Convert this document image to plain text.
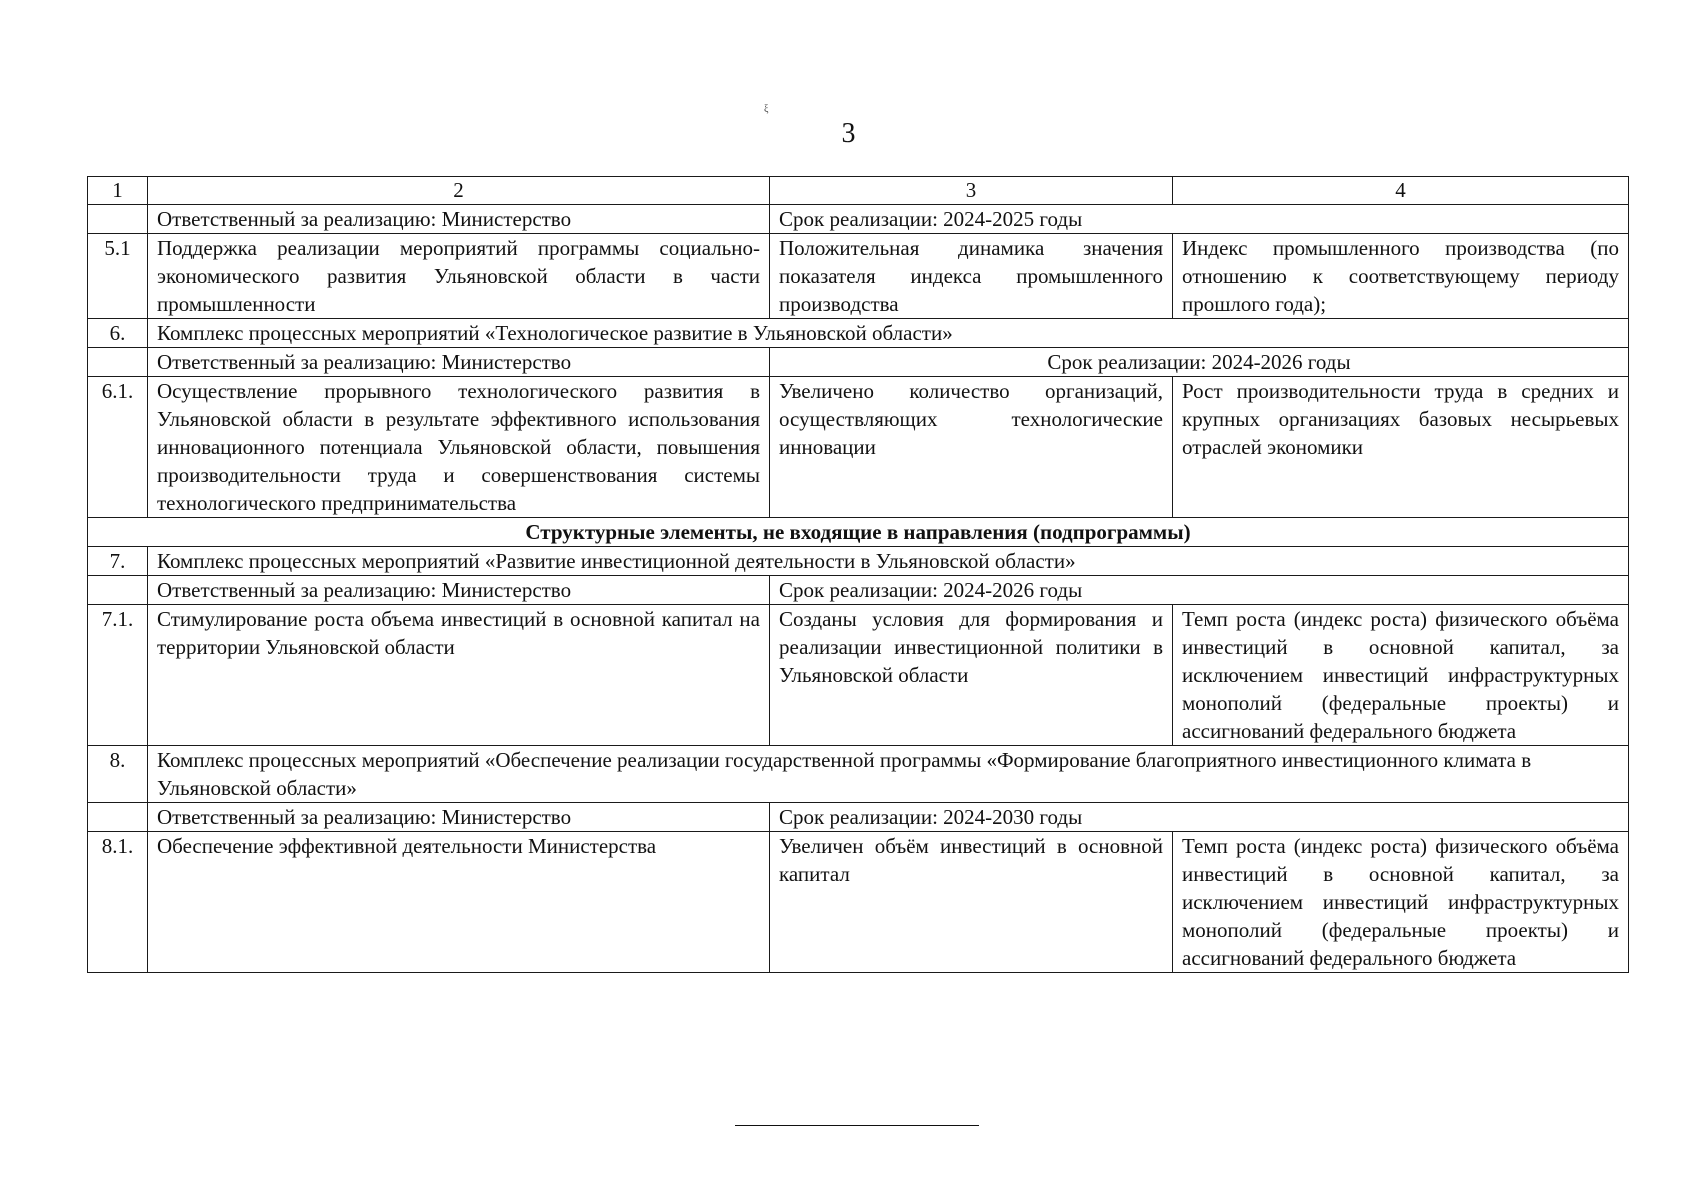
ξ
3
1	2	3	4
	Ответственный за реализацию: Министерство	Срок реализации: 2024-2025 годы	
5.1	Поддержка реализации мероприятий программы социально-экономического развития Ульяновской области в части промышленности	Положительная динамика значения показателя индекса промышленного производства	Индекс промышленного производства (по отношению к соответствующему периоду прошлого года);
6.	Комплекс процессных мероприятий «Технологическое развитие в Ульяновской области»		
	Ответственный за реализацию: Министерство	Срок реализации: 2024-2026 годы	
6.1.	Осуществление прорывного технологического развития в Ульяновской области в результате эффективного использования инновационного потенциала Ульяновской области, повышения производительности труда и совершенствования системы технологического предпринимательства	Увеличено количество организаций, осуществляющих технологические инновации	Рост производительности труда в средних и крупных организациях базовых несырьевых отраслей экономики
Структурные элементы, не входящие в направления (подпрограммы)			
7.	Комплекс процессных мероприятий «Развитие инвестиционной деятельности в Ульяновской области»		
	Ответственный за реализацию: Министерство	Срок реализации: 2024-2026 годы	
7.1.	Стимулирование роста объема инвестиций в основной капитал на территории Ульяновской области	Созданы условия для формирования и реализации инвестиционной политики в Ульяновской области	Темп роста (индекс роста) физического объёма инвестиций в основной капитал, за исключением инвестиций инфраструктурных монополий (федеральные проекты) и ассигнований федерального бюджета
8.	Комплекс процессных мероприятий «Обеспечение реализации государственной программы «Формирование благоприятного инвестиционного климата в Ульяновской области»		
	Ответственный за реализацию: Министерство	Срок реализации: 2024-2030 годы	
8.1.	Обеспечение эффективной деятельности Министерства	Увеличен объём инвестиций в основной капитал	Темп роста (индекс роста) физического объёма инвестиций в основной капитал, за исключением инвестиций инфраструктурных монополий (федеральные проекты) и ассигнований федерального бюджета
